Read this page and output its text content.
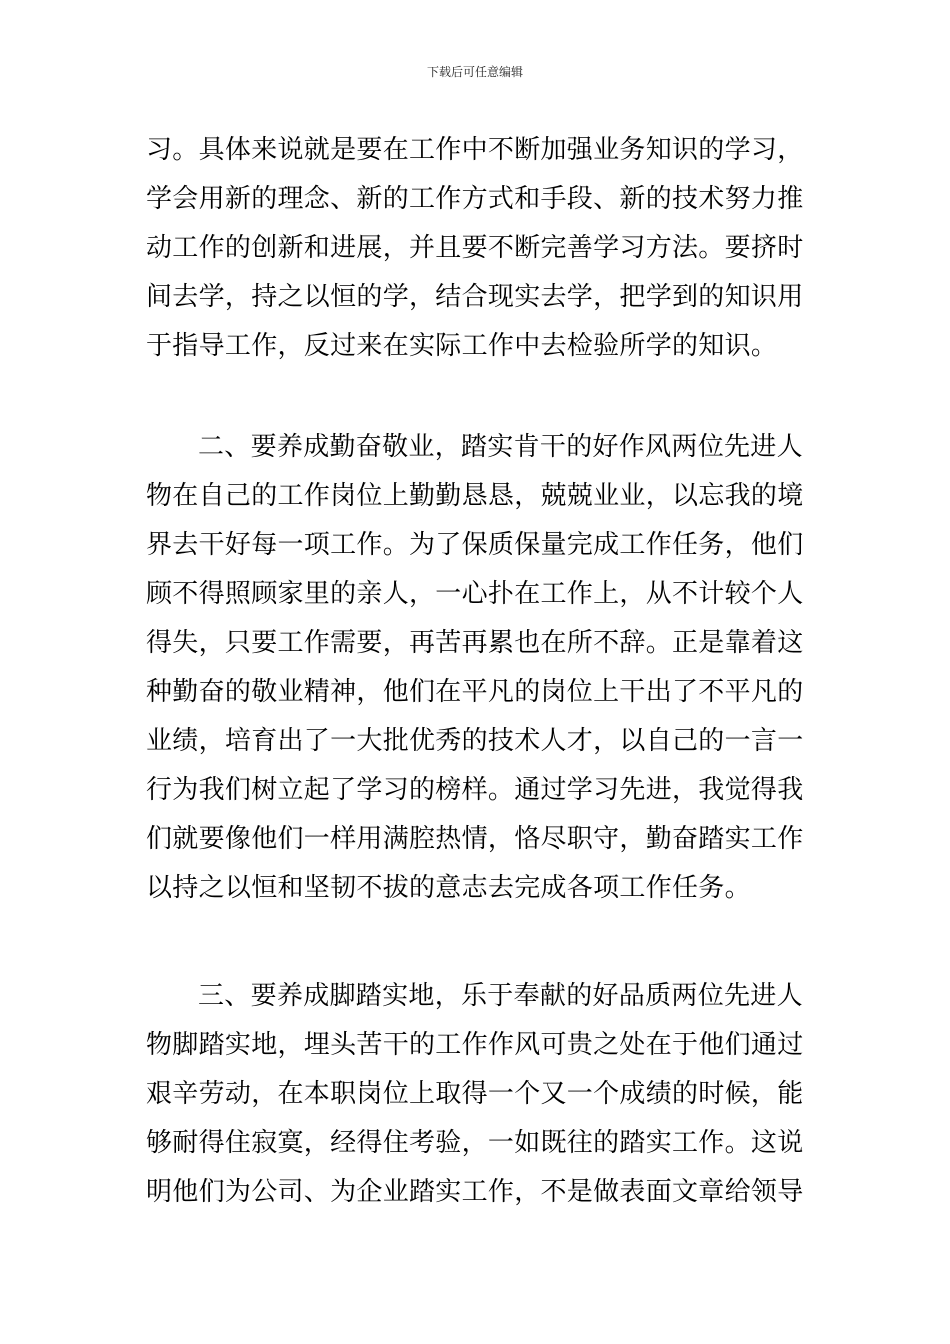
下载后可任意编辑
习。具体来说就是要在工作中不断加强业务知识的学习，
学会用新的理念、新的工作方式和手段、新的技术努力推
动工作的创新和进展，并且要不断完善学习方法。要挤时
间去学，持之以恒的学，结合现实去学，把学到的知识用
于指导工作，反过来在实际工作中去检验所学的知识。
二、要养成勤奋敬业，踏实肯干的好作风两位先进人
物在自己的工作岗位上勤勤恳恳，兢兢业业，以忘我的境
界去干好每一项工作。为了保质保量完成工作任务，他们
顾不得照顾家里的亲人，一心扑在工作上，从不计较个人
得失，只要工作需要，再苦再累也在所不辞。正是靠着这
种勤奋的敬业精神，他们在平凡的岗位上干出了不平凡的
业绩，培育出了一大批优秀的技术人才，以自己的一言一
行为我们树立起了学习的榜样。通过学习先进，我觉得我
们就要像他们一样用满腔热情，恪尽职守，勤奋踏实工作
以持之以恒和坚韧不拔的意志去完成各项工作任务。
三、要养成脚踏实地，乐于奉献的好品质两位先进人
物脚踏实地，埋头苦干的工作作风可贵之处在于他们通过
艰辛劳动，在本职岗位上取得一个又一个成绩的时候，能
够耐得住寂寞，经得住考验，一如既往的踏实工作。这说
明他们为公司、为企业踏实工作，不是做表面文章给领导
